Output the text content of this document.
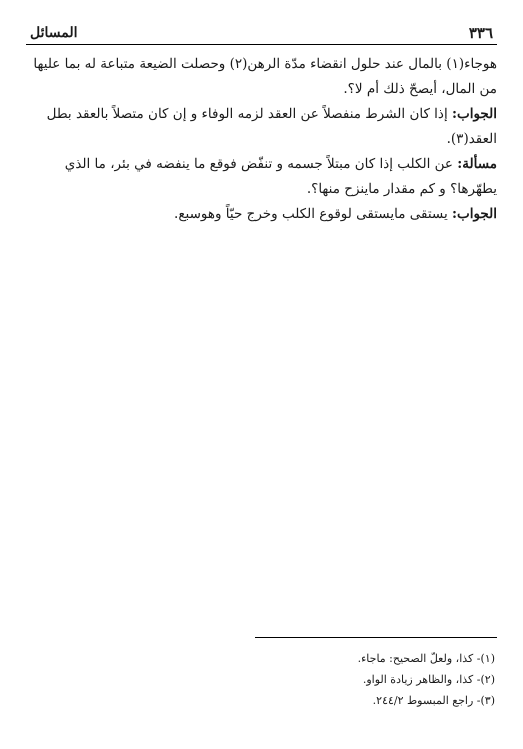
٣٣٦
المسائل

هوجاء(١) بالمال عند حلول انقضاء مدّة الرهن(٢) وحصلت الضيعة متباعة له بما عليها من المال، أيصحّ ذلك أم لا؟.

الجواب: إذا كان الشرط منفصلاً عن العقد لزمه الوفاء و إن كان متصلاً بالعقد بطل العقد(٣).

مسألة: عن الكلب إذا كان مبتلاً جسمه و تنفّض فوقع ما ينفضه في بئر، ما الذي يطهّرها؟ و كم مقدار ماينزح منها؟.

الجواب: يستقى مايستقى لوقوع الكلب وخرج حيّاً وهوسبع.

(١)- كذا، ولعلّ الصحيح: ماجاء.

(٢)- كذا، والظاهر زيادة الواو.

(٣)- راجع المبسوط ٢٤٤/٢.
